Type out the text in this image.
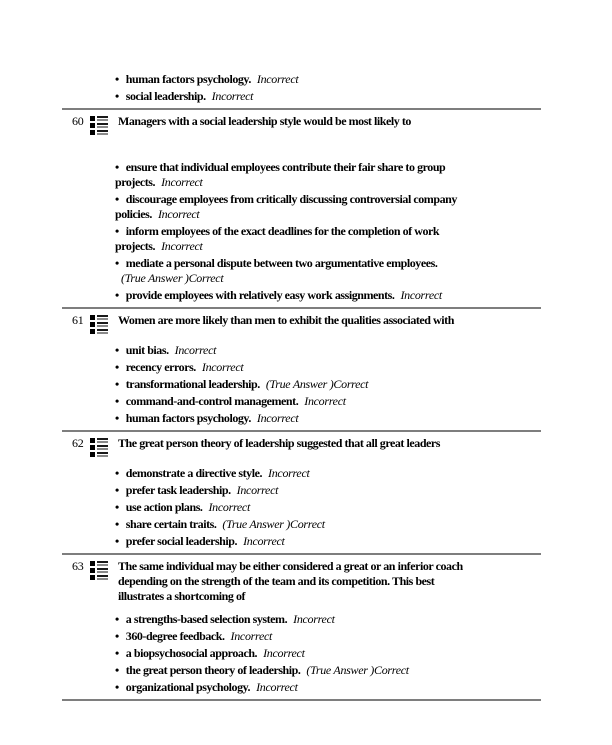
• human factors psychology. Incorrect
• social leadership. Incorrect
60	Managers with a social leadership style would be most likely to
• ensure that individual employees contribute their fair share to group projects. Incorrect
• discourage employees from critically discussing controversial company policies. Incorrect
• inform employees of the exact deadlines for the completion of work projects. Incorrect
• mediate a personal dispute between two argumentative employees.(True Answer )Correct
• provide employees with relatively easy work assignments. Incorrect
61	Women are more likely than men to exhibit the qualities associated with
• unit bias. Incorrect
• recency errors. Incorrect
• transformational leadership. (True Answer )Correct
• command-and-control management. Incorrect
• human factors psychology. Incorrect
62	The great person theory of leadership suggested that all great leaders
• demonstrate a directive style. Incorrect
• prefer task leadership. Incorrect
• use action plans. Incorrect
• share certain traits. (True Answer )Correct
• prefer social leadership. Incorrect
63	The same individual may be either considered a great or an inferior coach depending on the strength of the team and its competition. This best illustrates a shortcoming of
• a strengths-based selection system. Incorrect
• 360-degree feedback. Incorrect
• a biopsychosocial approach. Incorrect
• the great person theory of leadership. (True Answer )Correct
• organizational psychology. Incorrect
